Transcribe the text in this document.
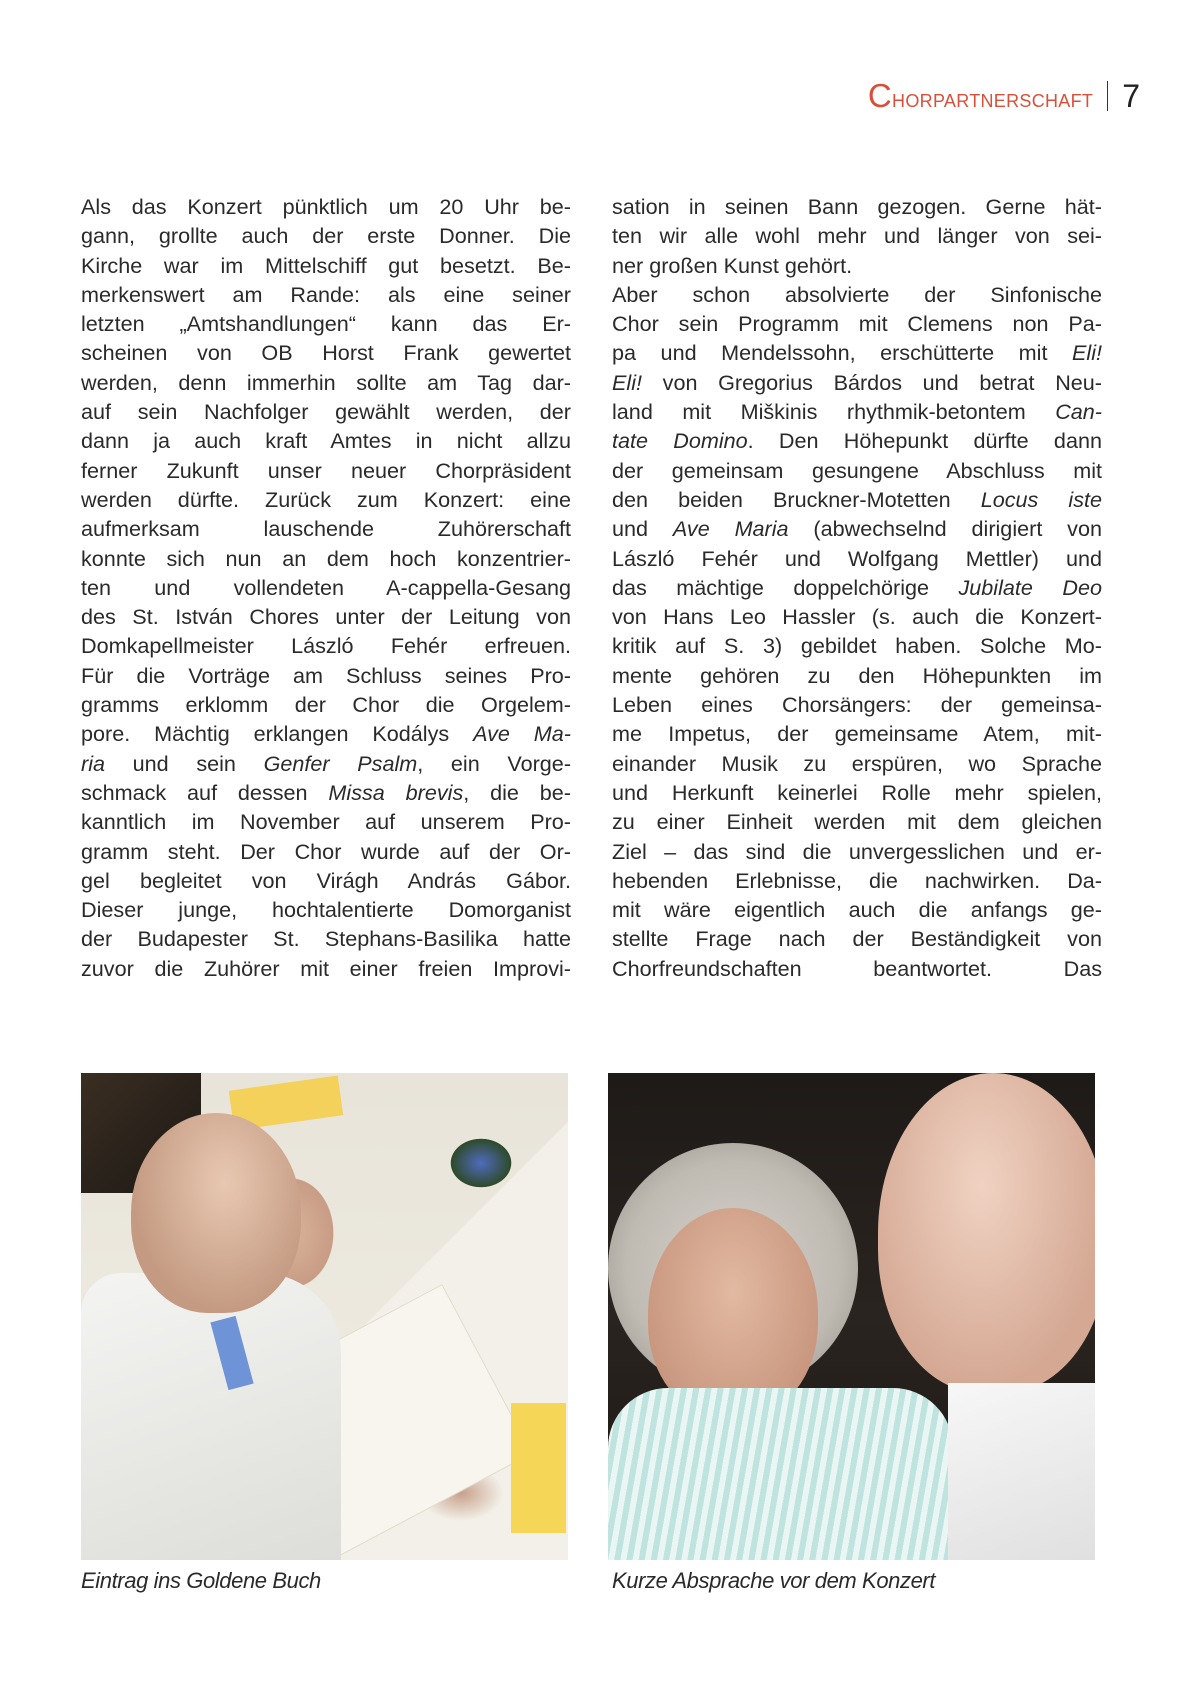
Chorpartnerschaft 7
Als das Konzert pünktlich um 20 Uhr be-
gann, grollte auch der erste Donner. Die
Kirche war im Mittelschiff gut besetzt. Be-
merkenswert am Rande: als eine seiner
letzten „Amtshandlungen“ kann das Er-
scheinen von OB Horst Frank gewertet
werden, denn immerhin sollte am Tag dar-
auf sein Nachfolger gewählt werden, der
dann ja auch kraft Amtes in nicht allzu
ferner Zukunft unser neuer Chorpräsident
werden dürfte. Zurück zum Konzert: eine
aufmerksam lauschende Zuhörerschaft
konnte sich nun an dem hoch konzentrier-
ten und vollendeten A-cappella-Gesang
des St. István Chores unter der Leitung von
Domkapellmeister László Fehér erfreuen.
Für die Vorträge am Schluss seines Pro-
gramms erklomm der Chor die Orgelem-
pore. Mächtig erklangen Kodálys Ave Ma-
ria und sein Genfer Psalm, ein Vorge-
schmack auf dessen Missa brevis, die be-
kanntlich im November auf unserem Pro-
gramm steht. Der Chor wurde auf der Or-
gel begleitet von Virágh András Gábor.
Dieser junge, hochtalentierte Domorganist
der Budapester St. Stephans-Basilika hatte
zuvor die Zuhörer mit einer freien Improvi-
sation in seinen Bann gezogen. Gerne hät-
ten wir alle wohl mehr und länger von sei-
ner großen Kunst gehört.
Aber schon absolvierte der Sinfonische
Chor sein Programm mit Clemens non Pa-
pa und Mendelssohn, erschütterte mit Eli!
Eli! von Gregorius Bárdos und betrat Neu-
land mit Miškinis rhythmik-betontem Can-
tate Domino. Den Höhepunkt dürfte dann
der gemeinsam gesungene Abschluss mit
den beiden Bruckner-Motetten Locus iste
und Ave Maria (abwechselnd dirigiert von
László Fehér und Wolfgang Mettler) und
das mächtige doppelchörige Jubilate Deo
von Hans Leo Hassler (s. auch die Konzert-
kritik auf S. 3) gebildet haben. Solche Mo-
mente gehören zu den Höhepunkten im
Leben eines Chorsängers: der gemeinsa-
me Impetus, der gemeinsame Atem, mit-
einander Musik zu erspüren, wo Sprache
und Herkunft keinerlei Rolle mehr spielen,
zu einer Einheit werden mit dem gleichen
Ziel – das sind die unvergesslichen und er-
hebenden Erlebnisse, die nachwirken. Da-
mit wäre eigentlich auch die anfangs ge-
stellte Frage nach der Beständigkeit von
Chorfreundschaften beantwortet. Das
Eintrag ins Goldene Buch	Kurze Absprache vor dem Konzert
